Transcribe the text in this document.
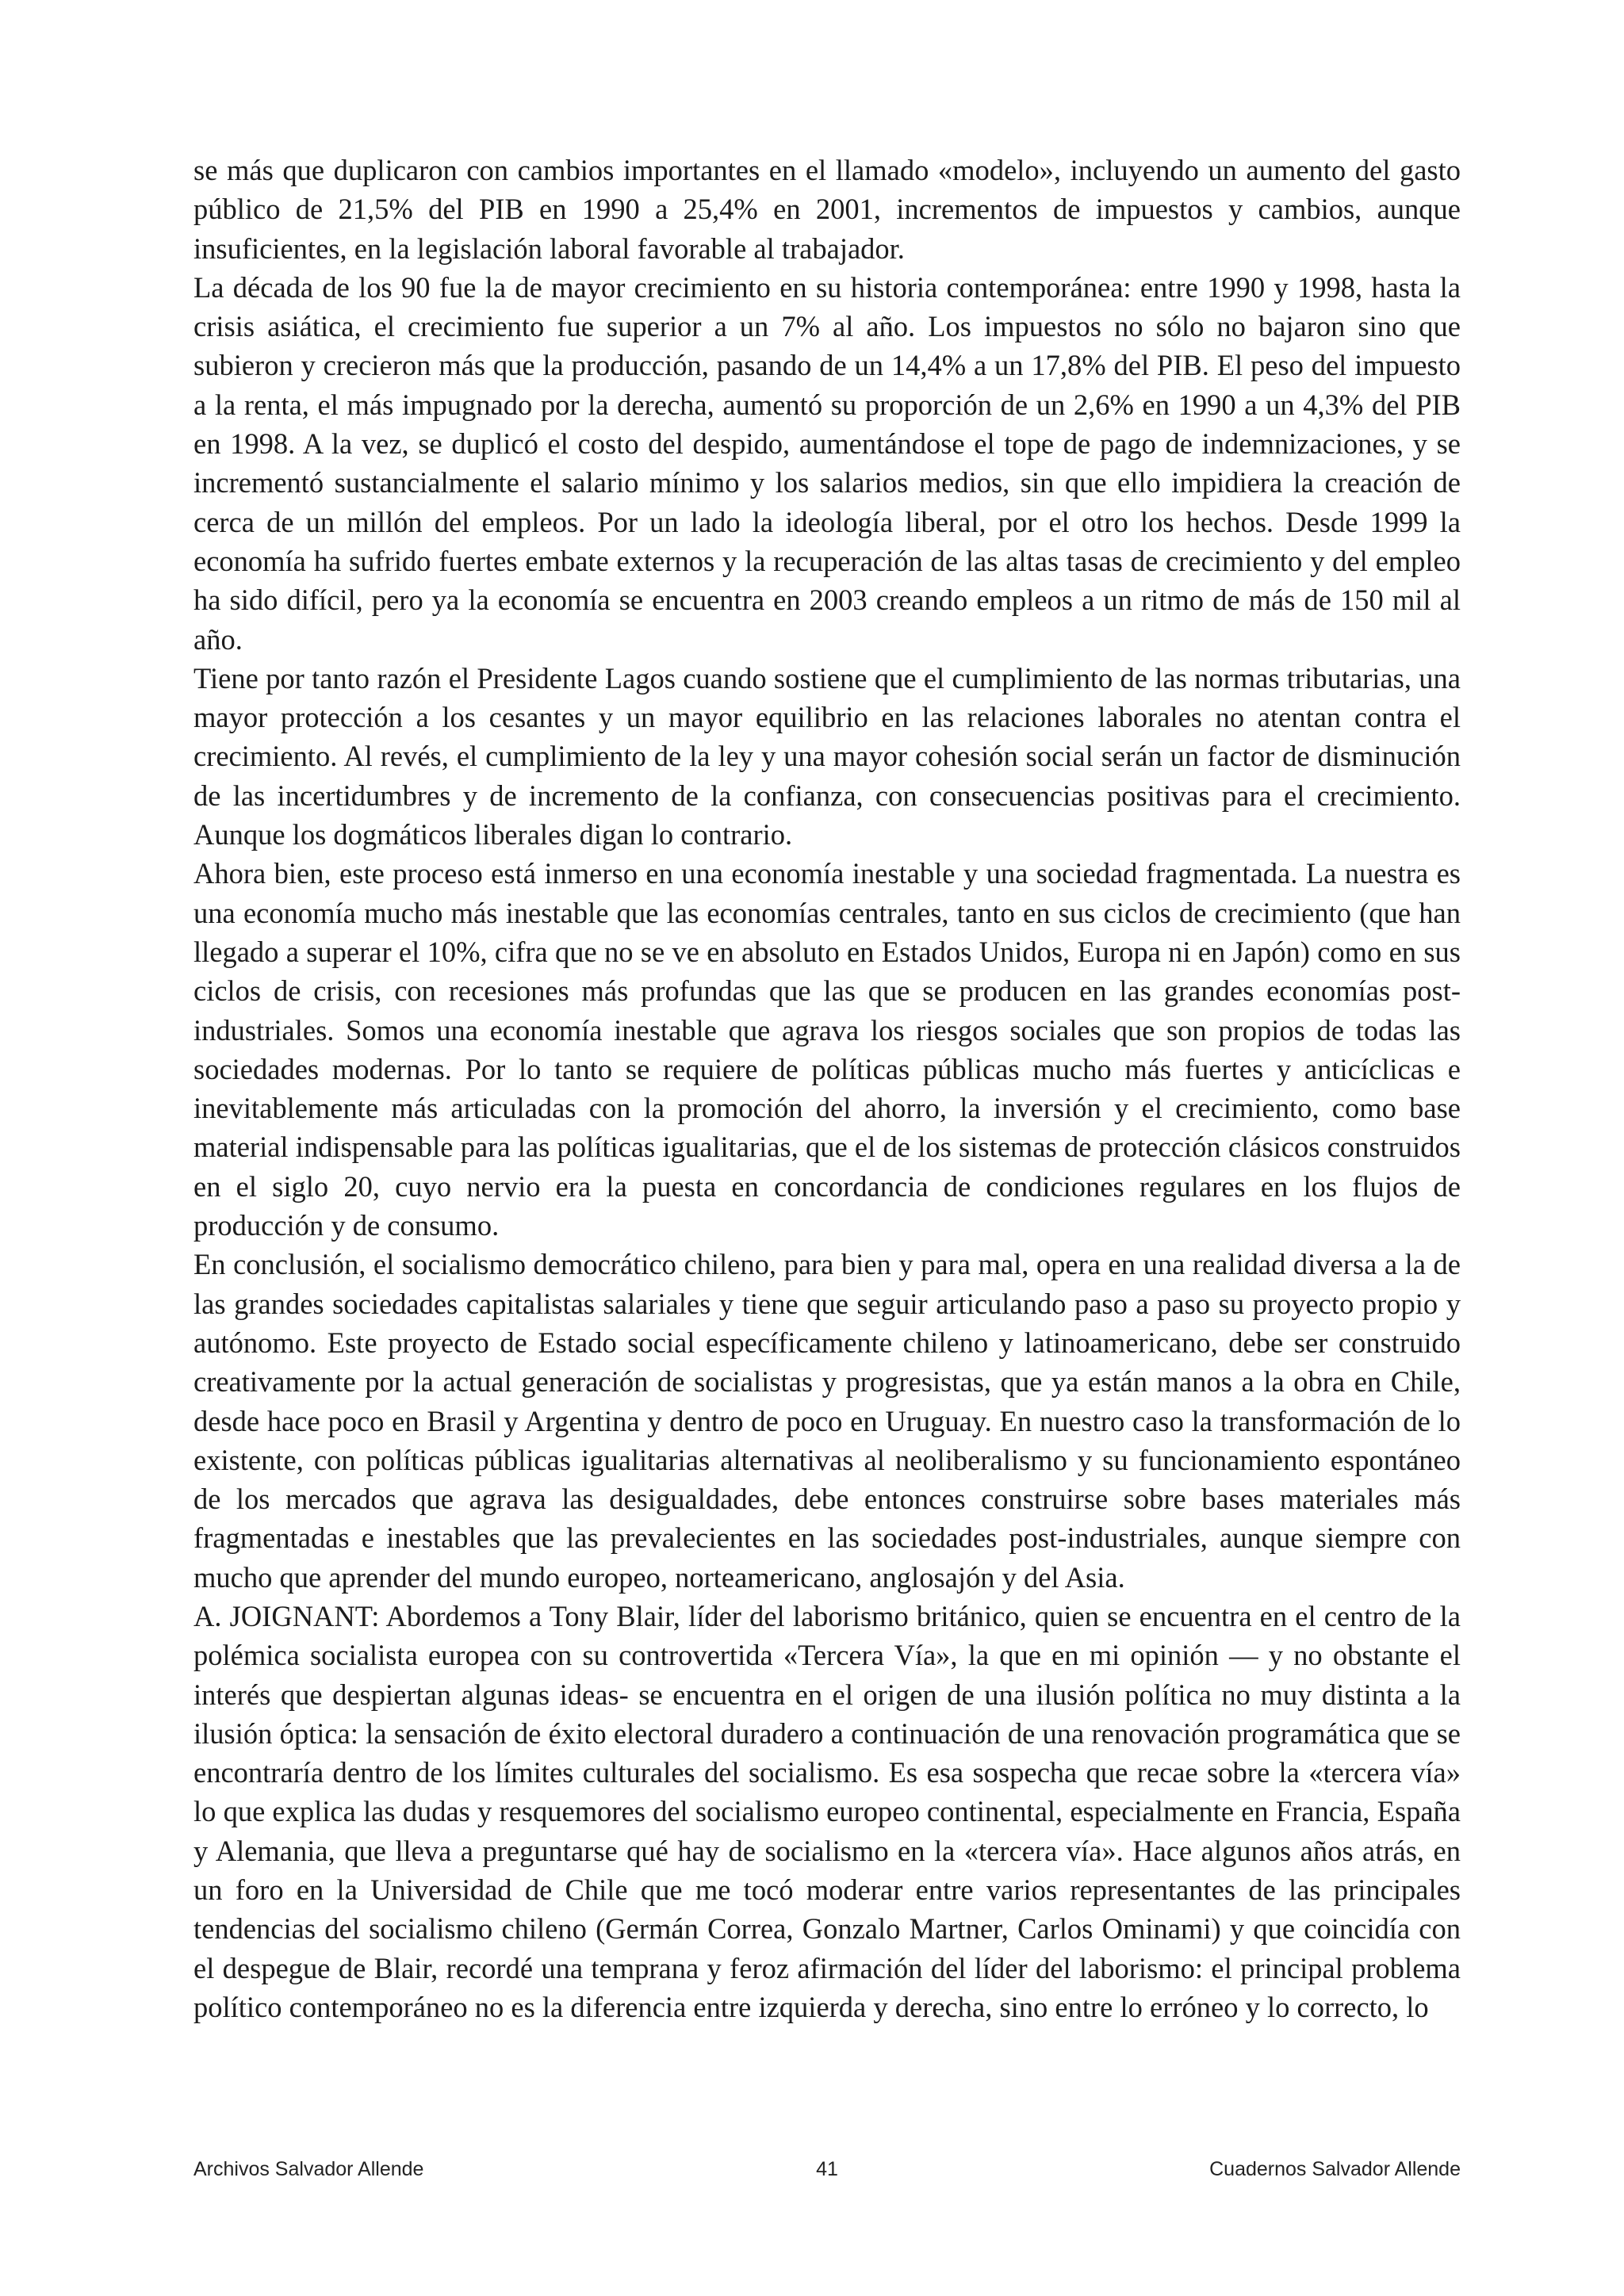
se más que duplicaron con cambios importantes en el llamado «modelo», incluyendo un aumento del gasto público de 21,5% del PIB en 1990 a 25,4% en 2001, incrementos de impuestos y cambios, aunque insuficientes, en la legislación laboral favorable al trabajador.

La década de los 90 fue la de mayor crecimiento en su historia contemporánea: entre 1990 y 1998, hasta la crisis asiática, el crecimiento fue superior a un 7% al año. Los impuestos no sólo no bajaron sino que subieron y crecieron más que la producción, pasando de un 14,4% a un 17,8% del PIB. El peso del impuesto a la renta, el más impugnado por la derecha, aumentó su proporción de un 2,6% en 1990 a un 4,3% del PIB en 1998. A la vez, se duplicó el costo del despido, aumentándose el tope de pago de indemnizaciones, y se incrementó sustancialmente el salario mínimo y los salarios medios, sin que ello impidiera la creación de cerca de un millón del empleos. Por un lado la ideología liberal, por el otro los hechos. Desde 1999 la economía ha sufrido fuertes embate externos y la recuperación de las altas tasas de crecimiento y del empleo ha sido difícil, pero ya la economía se encuentra en 2003 creando empleos a un ritmo de más de 150 mil al año.

Tiene por tanto razón el Presidente Lagos cuando sostiene que el cumplimiento de las normas tributarias, una mayor protección a los cesantes y un mayor equilibrio en las relaciones laborales no atentan contra el crecimiento. Al revés, el cumplimiento de la ley y una mayor cohesión social serán un factor de disminución de las incertidumbres y de incremento de la confianza, con consecuencias positivas para el crecimiento. Aunque los dogmáticos liberales digan lo contrario.

Ahora bien, este proceso está inmerso en una economía inestable y una sociedad fragmentada. La nuestra es una economía mucho más inestable que las economías centrales, tanto en sus ciclos de crecimiento (que han llegado a superar el 10%, cifra que no se ve en absoluto en Estados Unidos, Europa ni en Japón) como en sus ciclos de crisis, con recesiones más profundas que las que se producen en las grandes economías post-industriales. Somos una economía inestable que agrava los riesgos sociales que son propios de todas las sociedades modernas. Por lo tanto se requiere de políticas públicas mucho más fuertes y anticíclicas e inevitablemente más articuladas con la promoción del ahorro, la inversión y el crecimiento, como base material indispensable para las políticas igualitarias, que el de los sistemas de protección clásicos construidos en el siglo 20, cuyo nervio era la puesta en concordancia de condiciones regulares en los flujos de producción y de consumo.

En conclusión, el socialismo democrático chileno, para bien y para mal, opera en una realidad diversa a la de las grandes sociedades capitalistas salariales y tiene que seguir articulando paso a paso su proyecto propio y autónomo. Este proyecto de Estado social específicamente chileno y latinoamericano, debe ser construido creativamente por la actual generación de socialistas y progresistas, que ya están manos a la obra en Chile, desde hace poco en Brasil y Argentina y dentro de poco en Uruguay. En nuestro caso la transformación de lo existente, con políticas públicas igualitarias alternativas al neoliberalismo y su funcionamiento espontáneo de los mercados que agrava las desigualdades, debe entonces construirse sobre bases materiales más fragmentadas e inestables que las prevalecientes en las sociedades post-industriales, aunque siempre con mucho que aprender del mundo europeo, norteamericano, anglosajón y del Asia.

A. JOIGNANT: Abordemos a Tony Blair, líder del laborismo británico, quien se encuentra en el centro de la polémica socialista europea con su controvertida «Tercera Vía», la que en mi opinión — y no obstante el interés que despiertan algunas ideas- se encuentra en el origen de una ilusión política no muy distinta a la ilusión óptica: la sensación de éxito electoral duradero a continuación de una renovación programática que se encontraría dentro de los límites culturales del socialismo. Es esa sospecha que recae sobre la «tercera vía» lo que explica las dudas y resquemores del socialismo europeo continental, especialmente en Francia, España y Alemania, que lleva a preguntarse qué hay de socialismo en la «tercera vía». Hace algunos años atrás, en un foro en la Universidad de Chile que me tocó moderar entre varios representantes de las principales tendencias del socialismo chileno (Germán Correa, Gonzalo Martner, Carlos Ominami) y que coincidía con el despegue de Blair, recordé una temprana y feroz afirmación del líder del laborismo: el principal problema político contemporáneo no es la diferencia entre izquierda y derecha, sino entre lo erróneo y lo correcto, lo

Archivos Salvador Allende	41	Cuadernos Salvador Allende
